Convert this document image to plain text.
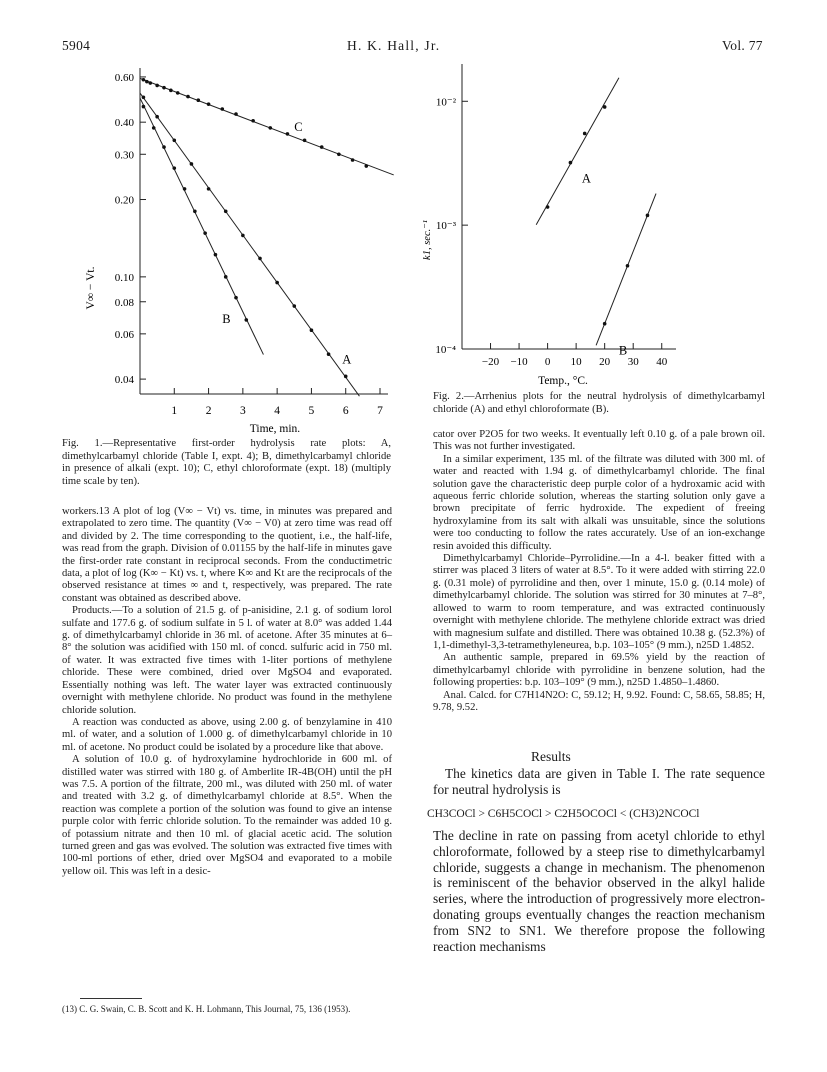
5904	H. K. Hall, Jr.	Vol. 77
0.60
0.40
0.30
0.20
0.10
0.08
0.06
0.04
1 2 3 4 5 6 7
C
B
A
Time, min.
V∞ − Vt.
Fig. 1.—Representative first-order hydrolysis rate plots: A, dimethylcarbamyl chloride (Table I, expt. 4); B, dimethylcarbamyl chloride in presence of alkali (expt. 10); C, ethyl chloroformate (expt. 18) (multiply time scale by ten).
10⁻²
10⁻³
10⁻⁴
−20 −10 0 10 20 30 40
A
B
Temp., °C.
k1, sec.⁻¹
Fig. 2.—Arrhenius plots for the neutral hydrolysis of dimethylcarbamyl chloride (A) and ethyl chloroformate (B).

workers.13 A plot of log (V∞ − Vt) vs. time, in minutes was prepared and extrapolated to zero time. The quantity (V∞ − V0) at zero time was read off and divided by 2. The time corresponding to the quotient, i.e., the half-life, was read from the graph. Division of 0.01155 by the half-life in minutes gave the first-order rate constant in reciprocal seconds. From the conductimetric data, a plot of log (K∞ − Kt) vs. t, where K∞ and Kt are the reciprocals of the observed resistance at times ∞ and t, respectively, was prepared. The rate constant was obtained as described above.

Products.—To a solution of 21.5 g. of p-anisidine, 2.1 g. of sodium lorol sulfate and 177.6 g. of sodium sulfate in 5 l. of water at 8.0° was added 1.44 g. of dimethylcarbamyl chloride in 36 ml. of acetone. After 35 minutes at 6–8° the solution was acidified with 150 ml. of concd. sulfuric acid in 750 ml. of water. It was extracted five times with 1-liter portions of methylene chloride. These were combined, dried over MgSO4 and evaporated. Essentially nothing was left. The water layer was extracted continuously overnight with methylene chloride. No product was found in the methylene chloride solution.

A reaction was conducted as above, using 2.00 g. of benzylamine in 410 ml. of water, and a solution of 1.000 g. of dimethylcarbamyl chloride in 10 ml. of acetone. No product could be isolated by a procedure like that above.

A solution of 10.0 g. of hydroxylamine hydrochloride in 600 ml. of distilled water was stirred with 180 g. of Amberlite IR-4B(OH) until the pH was 7.5. A portion of the filtrate, 200 ml., was diluted with 250 ml. of water and treated with 3.2 g. of dimethylcarbamyl chloride at 8.5°. When the reaction was complete a portion of the solution was found to give an intense purple color with ferric chloride solution. To the remainder was added 10 g. of potassium nitrate and then 10 ml. of glacial acetic acid. The solution turned green and gas was evolved. The solution was extracted five times with 100-ml portions of ether, dried over MgSO4 and evaporated to a mobile yellow oil. This was left in a desic-

(13) C. G. Swain, C. B. Scott and K. H. Lohmann, This Journal, 75, 136 (1953).

cator over P2O5 for two weeks. It eventually left 0.10 g. of a pale brown oil. This was not further investigated.

In a similar experiment, 135 ml. of the filtrate was diluted with 300 ml. of water and reacted with 1.94 g. of dimethylcarbamyl chloride. The final solution gave the characteristic deep purple color of a hydroxamic acid with aqueous ferric chloride solution, whereas the starting solution only gave a brown precipitate of ferric hydroxide. The expedient of freeing hydroxylamine from its salt with alkali was unsuitable, since the solutions were too conducting to follow the rates accurately. Use of an ion-exchange resin avoided this difficulty.

Dimethylcarbamyl Chloride–Pyrrolidine.—In a 4-l. beaker fitted with a stirrer was placed 3 liters of water at 8.5°. To it were added with stirring 22.0 g. (0.31 mole) of pyrrolidine and then, over 1 minute, 15.0 g. (0.14 mole) of dimethylcarbamyl chloride. The solution was stirred for 30 minutes at 7–8°, allowed to warm to room temperature, and was extracted continuously overnight with methylene chloride. The methylene chloride extract was dried with magnesium sulfate and distilled. There was obtained 10.38 g. (52.3%) of 1,1-dimethyl-3,3-tetramethyleneurea, b.p. 103–105° (9 mm.), n25D 1.4852.

An authentic sample, prepared in 69.5% yield by the reaction of dimethylcarbamyl chloride with pyrrolidine in benzene solution, had the following properties: b.p. 103–109° (9 mm.), n25D 1.4850–1.4860.

Anal. Calcd. for C7H14N2O: C, 59.12; H, 9.92. Found: C, 58.65, 58.85; H, 9.78, 9.52.

Results

The kinetics data are given in Table I. The rate sequence for neutral hydrolysis is

CH3COCl > C6H5COCl > C2H5OCOCl < (CH3)2NCOCl

The decline in rate on passing from acetyl chloride to ethyl chloroformate, followed by a steep rise to dimethylcarbamyl chloride, suggests a change in mechanism. The phenomenon is reminiscent of the behavior observed in the alkyl halide series, where the introduction of progressively more electron-donating groups eventually changes the reaction mechanism from SN2 to SN1. We therefore propose the following reaction mechanisms
